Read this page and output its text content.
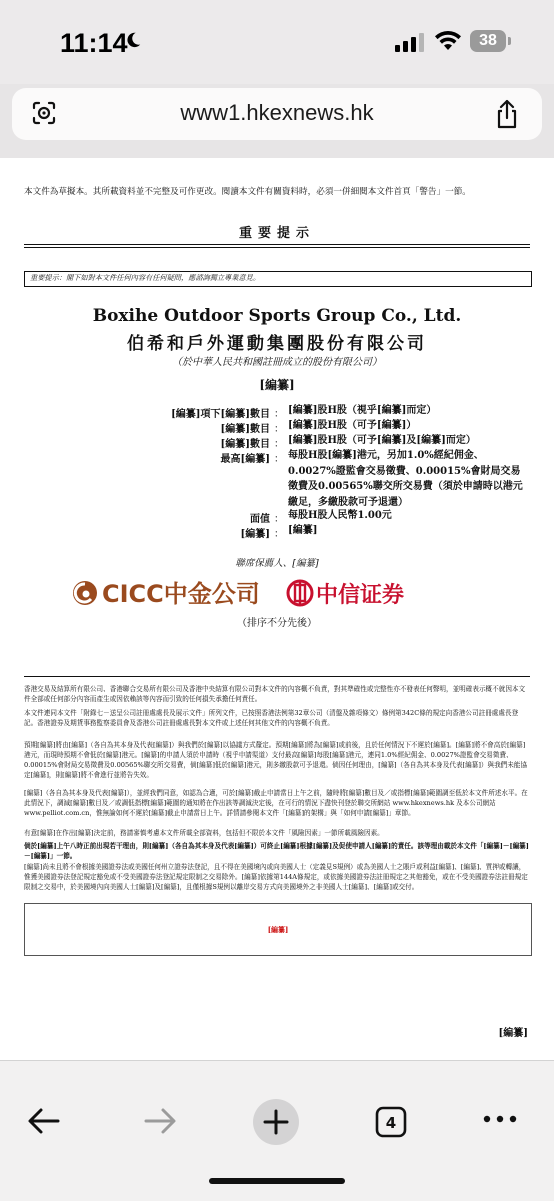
11:14	38
www1.hkexnews.hk
本文件為草擬本。其所載資料並不完整及可作更改。閱讀本文件有關資料時，必須一併細閱本文件首頁「警告」一節。
重要提示
重要提示：閣下如對本文件任何內容有任何疑問，應諮詢獨立專業意見。
Boxihe Outdoor Sports Group Co., Ltd.
伯希和戶外運動集團股份有限公司
（於中華人民共和國註冊成立的股份有限公司）
[編纂]
[編纂]項下[編纂]數目 ： [編纂]股H股（視乎[編纂]而定）
[編纂]數目 ： [編纂]股H股（可予[編纂]）
[編纂]數目 ： [編纂]股H股（可予[編纂]及[編纂]而定）
最高[編纂] ： 每股H股[編纂]港元，另加1.0%經紀佣金、0.0027%證監會交易徵費、0.00015%會財局交易徵費及0.00565%聯交所交易費（須於申請時以港元繳足，多繳股款可予退還）
面值 ： 每股H股人民幣1.00元
[編纂] ： [編纂]
聯席保薦人、[編纂]
CICC中金公司	中信证券
（排序不分先後）
香港交易及結算所有限公司、香港聯合交易所有限公司及香港中央結算有限公司對本文件的內容概不負責，對其準確性或完整性亦不發表任何聲明，並明確表示概不就因本文件全部或任何部分內容而產生或因依賴該等內容而引致的任何損失承擔任何責任。
本文件連同本文件「附錄七－送呈公司註冊處處長及展示文件」所列文件，已按照香港法例第32章公司（清盤及雜項條文）條例第342C條的規定向香港公司註冊處處長登記。香港證券及期貨事務監察委員會及香港公司註冊處處長對本文件或上述任何其他文件的內容概不負責。
預期[編纂]將由[編纂]（各自為其本身及代表[編纂]）與我們於[編纂]以協議方式釐定。預期[編纂]將為[編纂]或前後，且於任何情況下不遲於[編纂]。[編纂]將不會高於[編纂]港元，而現時預期不會低於[編纂]港元。[編纂]的申請人須於申請時（視乎申請渠道）支付最高[編纂]每股[編纂]港元，連同1.0%經紀佣金、0.0027%證監會交易徵費、0.00015%會財局交易徵費及0.00565%聯交所交易費，倘[編纂]低於[編纂]港元，則多繳股款可予退還。倘因任何理由，[編纂]（各自為其本身及代表[編纂]）與我們未能協定[編纂]，則[編纂]將不會進行並將告失效。
[編纂]（各自為其本身及代表[編纂]），並經我們同意，如認為合適，可於[編纂]截止申請當日上午之前，隨時將[編纂]數目及／或指標[編纂]範圍調至低於本文件所述水平。在此情況下，調減[編纂]數目及／或調低指標[編纂]範圍的通知將在作出該等調減決定後，在可行的情況下盡快刊登於聯交所網站 www.hkexnews.hk 及本公司網站 www.pelliot.com.cn，惟無論如何不遲於[編纂]截止申請當日上午。詳情請參閱本文件「[編纂]的架構」與「如何申請[編纂]」章節。
有意[編纂]在作出[編纂]決定前，務請審慎考慮本文件所載全部資料，包括但不限於本文件「風險因素」一節所載風險因素。
倘於[編纂]上午八時正前出現若干理由，則[編纂]（各自為其本身及代表[編纂]）可終止[編纂]根據[編纂]及促使申請人[編纂]的責任。該等理由載於本文件「[編纂]－[編纂]－[編纂]」一節。
[編纂]尚未且將不會根據美國證券法或美國任何州立證券法登記，且不得在美國境內或向美國人士（定義見S規例）或為美國人士之賬戶或利益[編纂]、[編纂]、質押或轉讓，惟獲美國證券法登記規定豁免或不受美國證券法登記規定限制之交易除外。[編纂]依據第144A條規定，或依據美國證券法註冊規定之其他豁免，或在不受美國證券法註冊規定限制之交易中，於美國境內向美國人士[編纂]及[編纂]，且僅根據S規例以離岸交易方式向美國境外之非美國人士[編纂]、[編纂]或交付。
[編纂]
[編纂]
4
